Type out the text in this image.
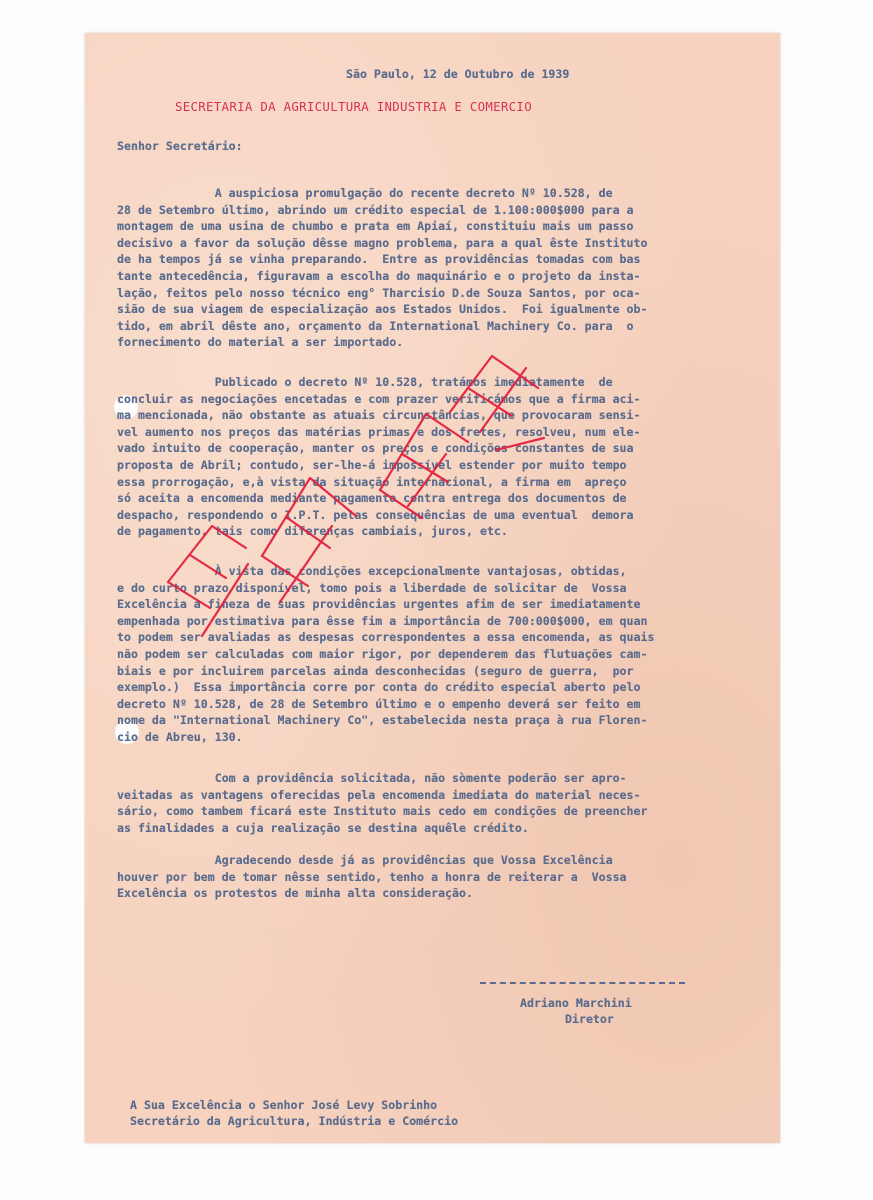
São Paulo, 12 de Outubro de 1939

SECRETARIA DA AGRICULTURA INDUSTRIA E COMERCIO

Senhor Secretário:

A auspiciosa promulgação do recente decreto Nº 10.528, de
28 de Setembro último, abrindo um crédito especial de 1.100:000$000 para a
montagem de uma usina de chumbo e prata em Apiaí, constituiu mais um passo
decisivo a favor da solução dêsse magno problema, para a qual êste Instituto
de ha tempos já se vinha preparando.  Entre as providências tomadas com bas
tante antecedência, figuravam a escolha do maquinário e o projeto da insta-
lação, feitos pelo nosso técnico eng° Tharcisio D.de Souza Santos, por oca-
sião de sua viagem de especialização aos Estados Unidos.  Foi igualmente ob-
tido, em abril dêste ano, orçamento da International Machinery Co. para  o
fornecimento do material a ser importado.

Publicado o decreto Nº 10.528, tratámos imediatamente  de
concluir as negociações encetadas e com prazer verificámos que a firma aci-
ma mencionada, não obstante as atuais circunstâncias, que provocaram sensi-
vel aumento nos preços das matérias primas e dos fretes, resolveu, num ele-
vado intuito de cooperação, manter os preços e condições constantes de sua
proposta de Abril; contudo, ser-lhe-á impossível estender por muito tempo
essa prorrogação, e,à vista da situação internacional, a firma em  apreço
só aceita a encomenda mediante pagamento contra entrega dos documentos de
despacho, respondendo o I.P.T. pelas consequências de uma eventual  demora
de pagamento, tais como diferenças cambiais, juros, etc.

À vista das condições excepcionalmente vantajosas, obtidas,
e do curto prazo disponível, tomo pois a liberdade de solicitar de  Vossa
Excelência a fineza de suas providências urgentes afim de ser imediatamente
empenhada por estimativa para êsse fim a importância de 700:000$000, em quan
to podem ser avaliadas as despesas correspondentes a essa encomenda, as quais
não podem ser calculadas com maior rigor, por dependerem das flutuações cam-
biais e por incluirem parcelas ainda desconhecidas (seguro de guerra,  por
exemplo.)  Essa importância corre por conta do crédito especial aberto pelo
decreto Nº 10.528, de 28 de Setembro último e o empenho deverá ser feito em
nome da "International Machinery Co", estabelecida nesta praça à rua Floren-
cio de Abreu, 130.

Com a providência solicitada, não sòmente poderão ser apro-
veitadas as vantagens oferecidas pela encomenda imediata do material neces-
sário, como tambem ficará este Instituto mais cedo em condições de preencher
as finalidades a cuja realização se destina aquêle crédito.

Agradecendo desde já as providências que Vossa Excelência
houver por bem de tomar nêsse sentido, tenho a honra de reiterar a  Vossa
Excelência os protestos de minha alta consideração.

Adriano Marchini

Diretor

A Sua Excelência o Senhor José Levy Sobrinho

Secretário da Agricultura, Indústria e Comércio
